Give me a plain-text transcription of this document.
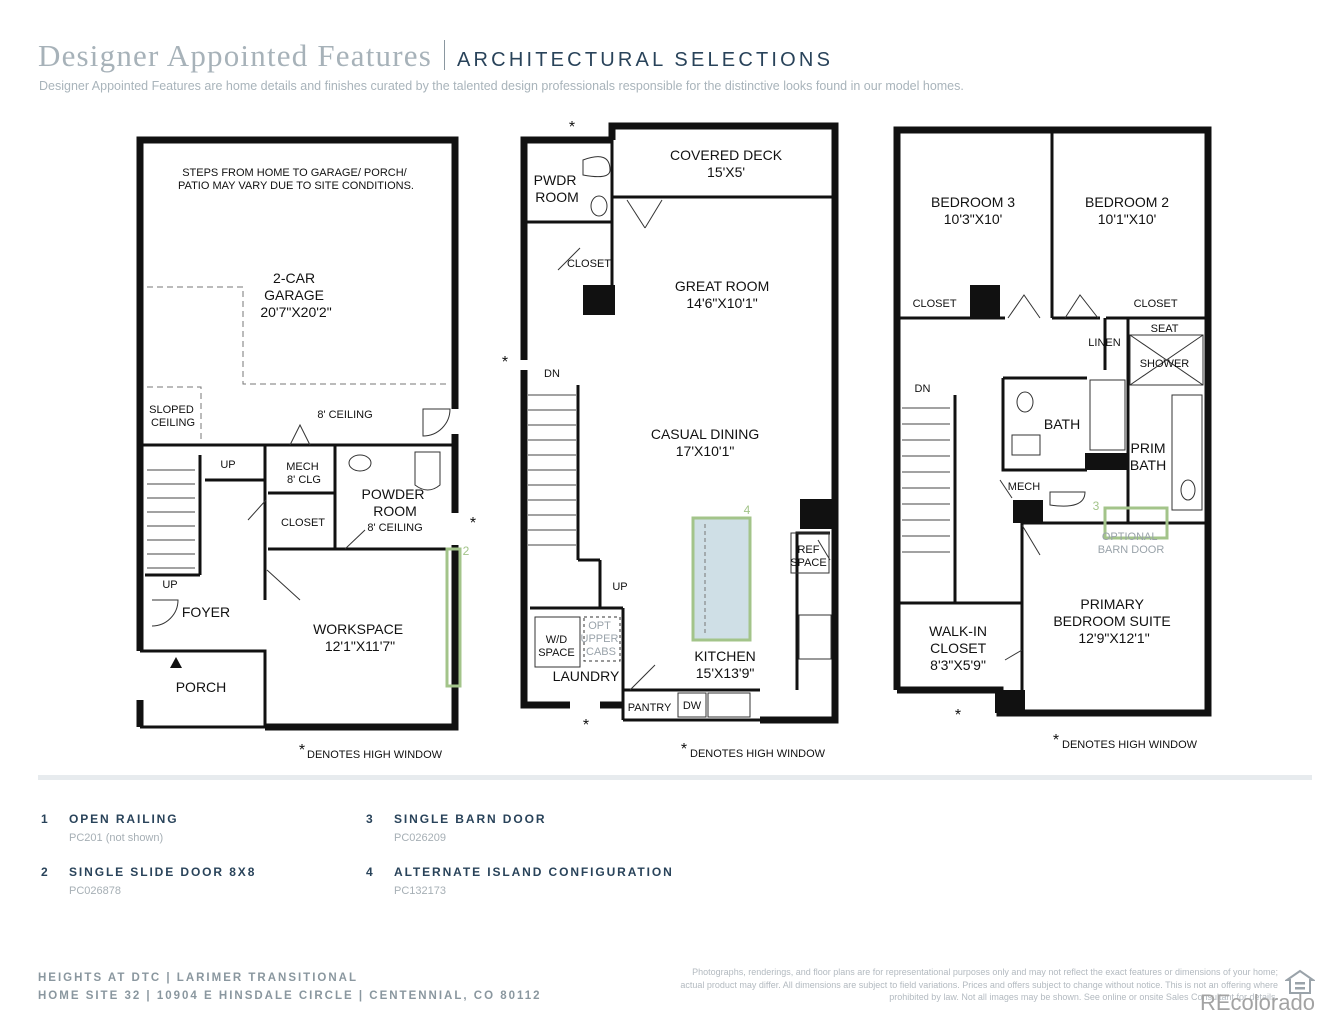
Designer Appointed Features ARCHITECTURAL SELECTIONS
Designer Appointed Features are home details and finishes curated by the talented design professionals responsible for the distinctive looks found in our model homes.
STEPS FROM HOME TO GARAGE/ PORCH/ PATIO MAY VARY DUE TO SITE CONDITIONS.
2-CAR GARAGE 20'7"X20'2"
SLOPED CEILING
8' CEILING
UP
UP
MECH 8' CLG
CLOSET
POWDER ROOM
8' CEILING
FOYER
PORCH
WORKSPACE 12'1"X11'7"
2
*
* DENOTES HIGH WINDOW
PWDR ROOM
CLOSET
COVERED DECK 15'X5' GREAT ROOM 14'6"X10'1" CASUAL DINING 17'X10'1" KITCHEN 15'X13'9" LAUNDRY
DN
UP
4
REF SPACE W/D SPACE PANTRY DW
OPT UPPER CABS
*
*
*
* DENOTES HIGH WINDOW
BEDROOM 3 10'3"X10' BEDROOM 2 10'1"X10' BATH PRIM BATH WALK-IN CLOSET 8'3"X5'9" PRIMARY BEDROOM SUITE 12'9"X12'1"
CLOSET	CLOSET SEAT LINEN SHOWER DN MECH
OPTIONAL BARN DOOR
3
*
* DENOTES HIGH WINDOW
1 OPEN RAILING
PC201 (not shown)
2 SINGLE SLIDE DOOR 8X8
PC026878
3 SINGLE BARN DOOR
PC026209
4 ALTERNATE ISLAND CONFIGURATION
PC132173
HEIGHTS AT DTC | LARIMER TRANSITIONAL
HOME SITE 32 | 10904 E HINSDALE CIRCLE | CENTENNIAL, CO 80112
Photographs, renderings, and floor plans are for representational purposes only and may not reflect the exact features or dimensions of your home; actual product may differ. All dimensions are subject to field variations. Prices and offers subject to change without notice. This is not an offering where prohibited by law. Not all images may be shown. See online or onsite Sales Consultant for details.
REcolorado
